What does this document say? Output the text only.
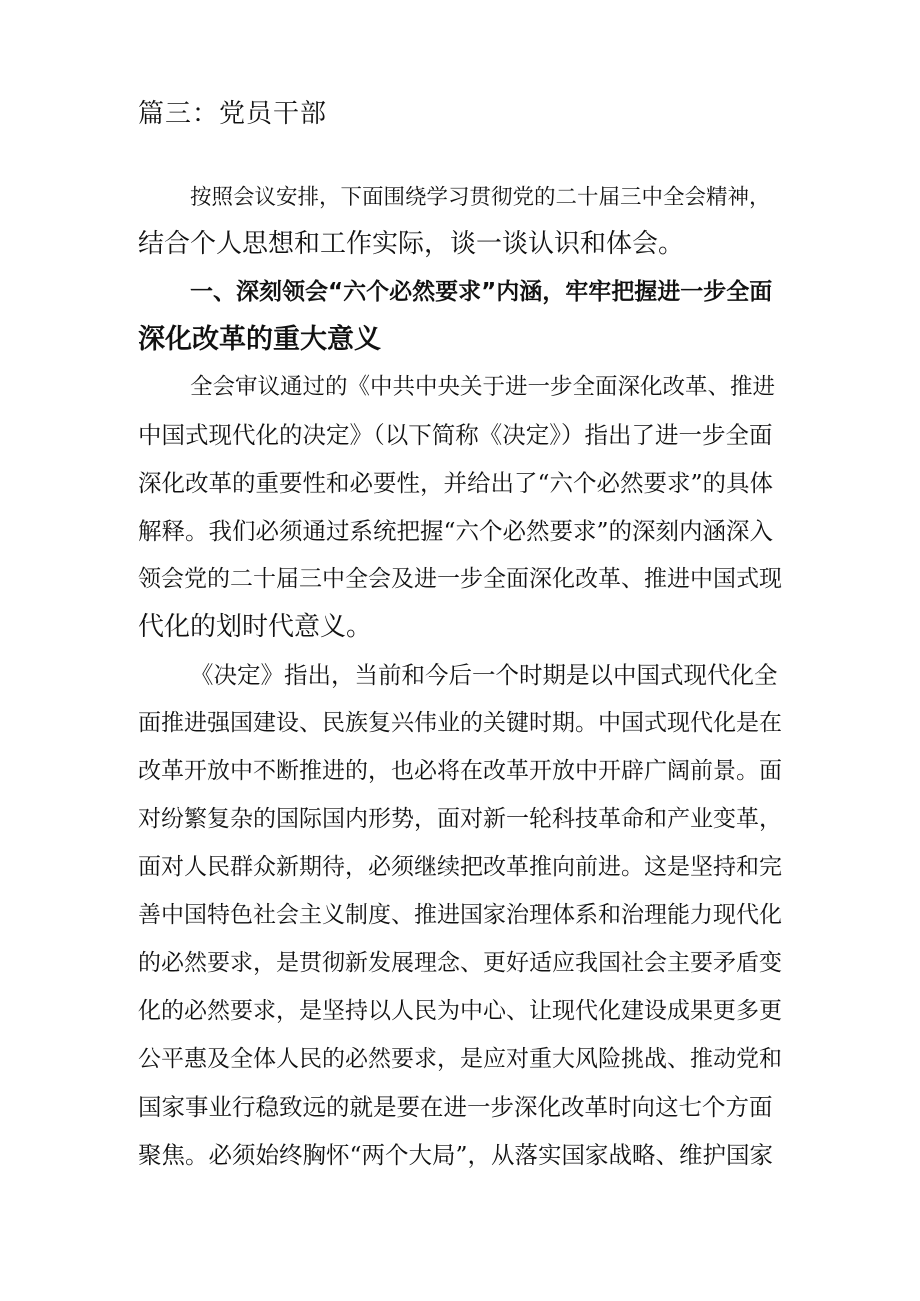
篇三：党员干部
按照会议安排，下面围绕学习贯彻党的二十届三中全会精神，
结合个人思想和工作实际，谈一谈认识和体会。
一、深刻领会“六个必然要求”内涵，牢牢把握进一步全面
深化改革的重大意义
全会审议通过的《中共中央关于进一步全面深化改革、推进
中国式现代化的决定》（以下简称《决定》）指出了进一步全面
深化改革的重要性和必要性，并给出了“六个必然要求”的具体
解释。我们必须通过系统把握“六个必然要求”的深刻内涵深入
领会党的二十届三中全会及进一步全面深化改革、推进中国式现
代化的划时代意义。
《决定》指出，当前和今后一个时期是以中国式现代化全
面推进强国建设、民族复兴伟业的关键时期。中国式现代化是在
改革开放中不断推进的，也必将在改革开放中开辟广阔前景。面
对纷繁复杂的国际国内形势，面对新一轮科技革命和产业变革，
面对人民群众新期待，必须继续把改革推向前进。这是坚持和完
善中国特色社会主义制度、推进国家治理体系和治理能力现代化
的必然要求，是贯彻新发展理念、更好适应我国社会主要矛盾变
化的必然要求，是坚持以人民为中心、让现代化建设成果更多更
公平惠及全体人民的必然要求，是应对重大风险挑战、推动党和
国家事业行稳致远的就是要在进一步深化改革时向这七个方面
聚焦。必须始终胸怀“两个大局”，从落实国家战略、维护国家
